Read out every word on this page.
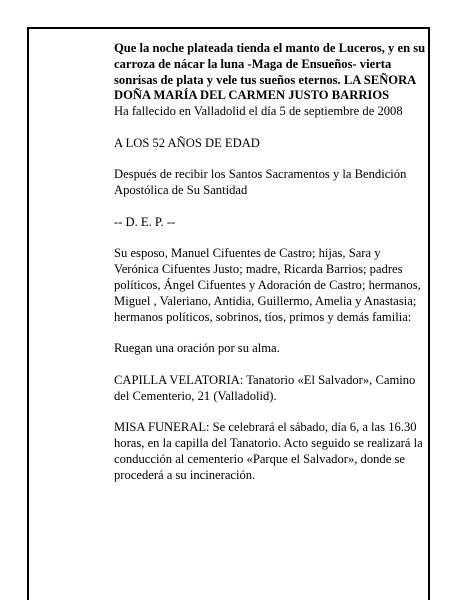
Que la noche plateada tienda el manto de Luceros, y en su carroza de nácar la luna -Maga de Ensueños- vierta sonrisas de plata y vele tus sueños eternos. LA SEÑORA

DOÑA MARÍA DEL CARMEN JUSTO BARRIOS

Ha fallecido en Valladolid el día 5 de septiembre de 2008

A LOS 52 AÑOS DE EDAD

Después de recibir los Santos Sacramentos y la Bendición Apostólica de Su Santidad

-- D. E. P. --

Su esposo, Manuel Cifuentes de Castro; hijas, Sara y Verónica Cifuentes Justo; madre, Ricarda Barrios; padres políticos, Ángel Cifuentes y Adoración de Castro; hermanos, Miguel , Valeriano, Antidia, Guillermo, Amelia y Anastasia; hermanos políticos, sobrinos, tíos, primos y demás familia:

Ruegan una oración por su alma.

CAPILLA VELATORIA: Tanatorio «El Salvador», Camino del Cementerio, 21 (Valladolid).

MISA FUNERAL: Se celebrará el sábado, día 6, a las 16.30 horas, en la capilla del Tanatorio. Acto seguido se realizará la conducción al cementerio «Parque el Salvador», donde se procederá a su incineración.
